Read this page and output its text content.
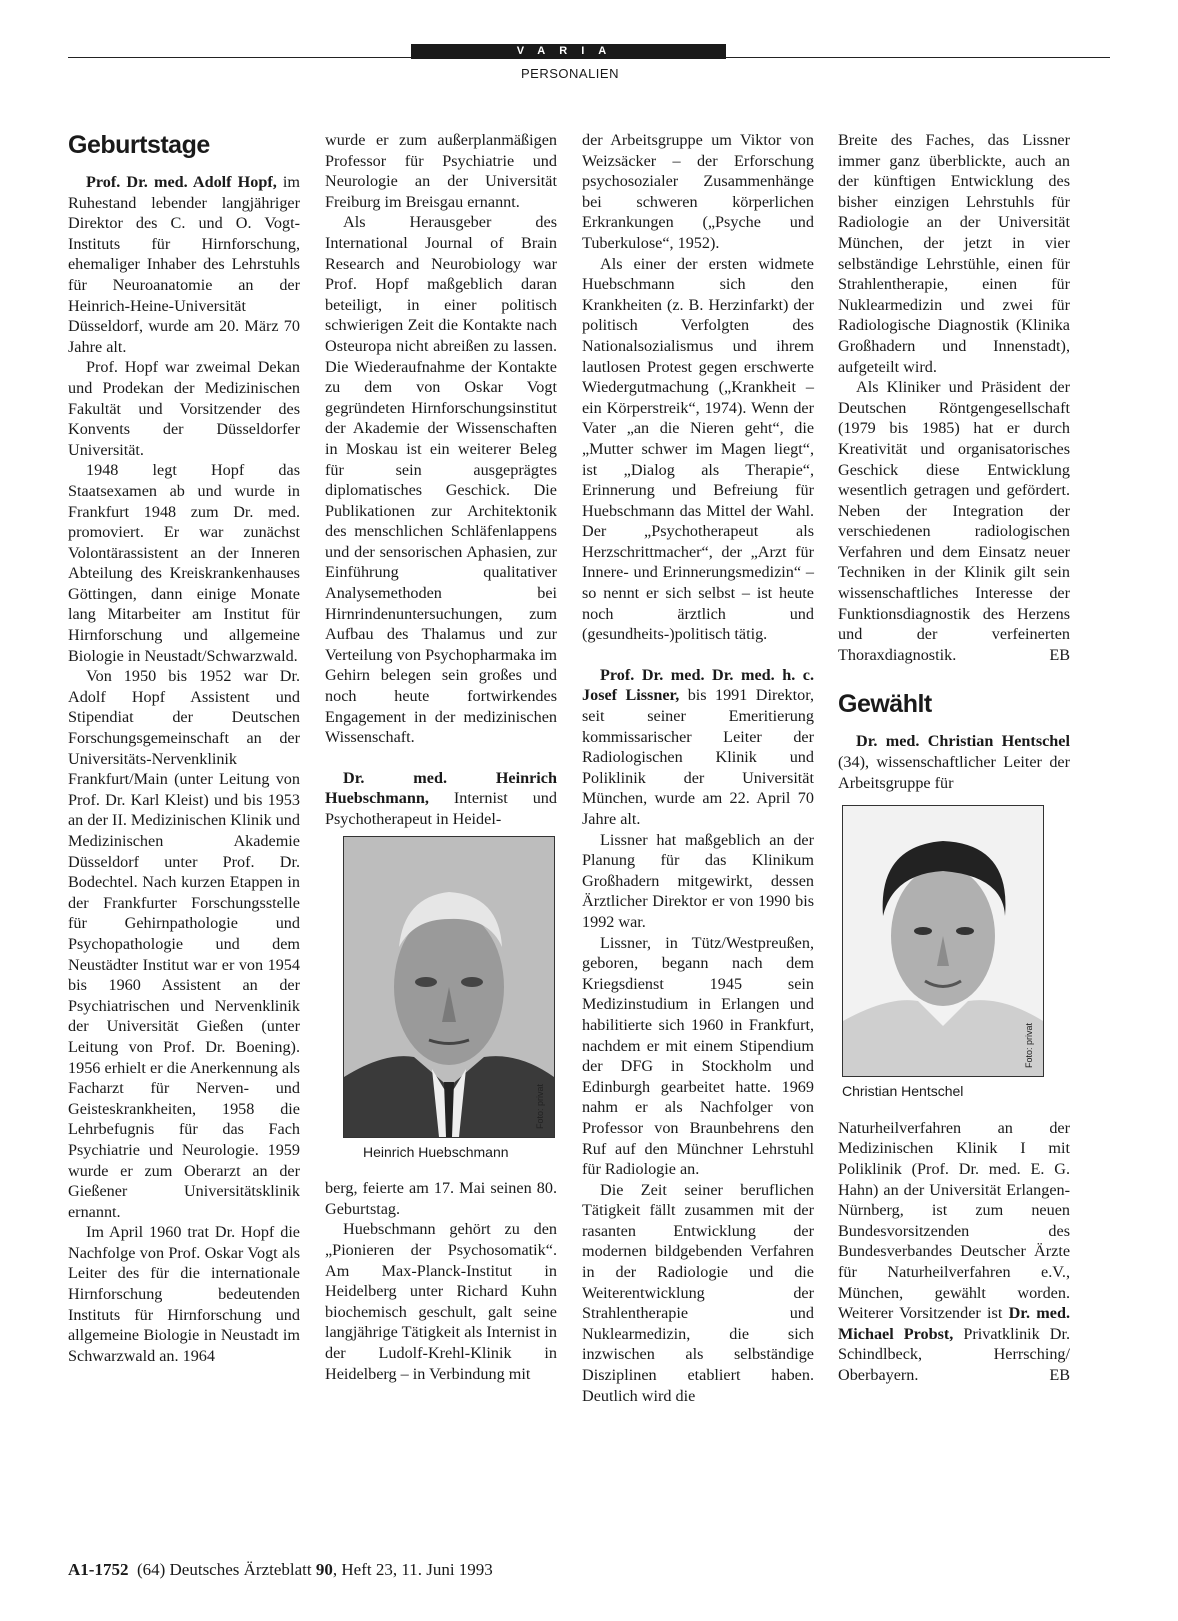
VARIA
PERSONALIEN
Geburtstage

Prof. Dr. med. Adolf Hopf, im Ruhestand lebender langjähriger Direktor des C. und O. Vogt-Instituts für Hirnforschung, ehemaliger Inhaber des Lehrstuhls für Neuroanatomie an der Heinrich-Heine-Universität Düsseldorf, wurde am 20. März 70 Jahre alt.

Prof. Hopf war zweimal Dekan und Prodekan der Medizinischen Fakultät und Vorsitzender des Konvents der Düsseldorfer Universität.

1948 legt Hopf das Staatsexamen ab und wurde in Frankfurt 1948 zum Dr. med. promoviert. Er war zunächst Volontärassistent an der Inneren Abteilung des Kreiskrankenhauses Göttingen, dann einige Monate lang Mitarbeiter am Institut für Hirnforschung und allgemeine Biologie in Neustadt/Schwarzwald.

Von 1950 bis 1952 war Dr. Adolf Hopf Assistent und Stipendiat der Deutschen Forschungsgemeinschaft an der Universitäts-Nervenklinik Frankfurt/Main (unter Leitung von Prof. Dr. Karl Kleist) und bis 1953 an der II. Medizinischen Klinik und Medizinischen Akademie Düsseldorf unter Prof. Dr. Bodechtel. Nach kurzen Etappen in der Frankfurter Forschungsstelle für Gehirnpathologie und Psychopathologie und dem Neustädter Institut war er von 1954 bis 1960 Assistent an der Psychiatrischen und Nervenklinik der Universität Gießen (unter Leitung von Prof. Dr. Boening). 1956 erhielt er die Anerkennung als Facharzt für Nerven- und Geisteskrankheiten, 1958 die Lehrbefugnis für das Fach Psychiatrie und Neurologie. 1959 wurde er zum Oberarzt an der Gießener Universitätsklinik ernannt.

Im April 1960 trat Dr. Hopf die Nachfolge von Prof. Oskar Vogt als Leiter des für die internationale Hirnforschung bedeutenden Instituts für Hirnforschung und allgemeine Biologie in Neustadt im Schwarzwald an. 1964

wurde er zum außerplanmäßigen Professor für Psychiatrie und Neurologie an der Universität Freiburg im Breisgau ernannt.

Als Herausgeber des International Journal of Brain Research and Neurobiology war Prof. Hopf maßgeblich daran beteiligt, in einer politisch schwierigen Zeit die Kontakte nach Osteuropa nicht abreißen zu lassen. Die Wiederaufnahme der Kontakte zu dem von Oskar Vogt gegründeten Hirnforschungsinstitut der Akademie der Wissenschaften in Moskau ist ein weiterer Beleg für sein ausgeprägtes diplomatisches Geschick. Die Publikationen zur Architektonik des menschlichen Schläfenlappens und der sensorischen Aphasien, zur Einführung qualitativer Analysemethoden bei Hirnrindenuntersuchungen, zum Aufbau des Thalamus und zur Verteilung von Psychopharmaka im Gehirn belegen sein großes und noch heute fortwirkendes Engagement in der medizinischen Wissenschaft.

Dr. med. Heinrich Huebschmann, Internist und Psychotherapeut in Heidel-

Foto: privat
Heinrich Huebschmann

berg, feierte am 17. Mai seinen 80. Geburtstag.

Huebschmann gehört zu den „Pionieren der Psychosomatik“. Am Max-Planck-Institut in Heidelberg unter Richard Kuhn biochemisch geschult, galt seine langjährige Tätigkeit als Internist in der Ludolf-Krehl-Klinik in Heidelberg – in Verbindung mit

der Arbeitsgruppe um Viktor von Weizsäcker – der Erforschung psychosozialer Zusammenhänge bei schweren körperlichen Erkrankungen („Psyche und Tuberkulose“, 1952).

Als einer der ersten widmete Huebschmann sich den Krankheiten (z. B. Herzinfarkt) der politisch Verfolgten des Nationalsozialismus und ihrem lautlosen Protest gegen erschwerte Wiedergutmachung („Krankheit – ein Körperstreik“, 1974). Wenn der Vater „an die Nieren geht“, die „Mutter schwer im Magen liegt“, ist „Dialog als Therapie“, Erinnerung und Befreiung für Huebschmann das Mittel der Wahl. Der „Psychotherapeut als Herzschrittmacher“, der „Arzt für Innere- und Erinnerungsmedizin“ – so nennt er sich selbst – ist heute noch ärztlich und (gesundheits-)politisch tätig.

Prof. Dr. med. Dr. med. h. c. Josef Lissner, bis 1991 Direktor, seit seiner Emeritierung kommissarischer Leiter der Radiologischen Klinik und Poliklinik der Universität München, wurde am 22. April 70 Jahre alt.

Lissner hat maßgeblich an der Planung für das Klinikum Großhadern mitgewirkt, dessen Ärztlicher Direktor er von 1990 bis 1992 war.

Lissner, in Tütz/Westpreußen, geboren, begann nach dem Kriegsdienst 1945 sein Medizinstudium in Erlangen und habilitierte sich 1960 in Frankfurt, nachdem er mit einem Stipendium der DFG in Stockholm und Edinburgh gearbeitet hatte. 1969 nahm er als Nachfolger von Professor von Braunbehrens den Ruf auf den Münchner Lehrstuhl für Radiologie an.

Die Zeit seiner beruflichen Tätigkeit fällt zusammen mit der rasanten Entwicklung der modernen bildgebenden Verfahren in der Radiologie und die Weiterentwicklung der Strahlentherapie und Nuklearmedizin, die sich inzwischen als selbständige Disziplinen etabliert haben. Deutlich wird die

Breite des Faches, das Lissner immer ganz überblickte, auch an der künftigen Entwicklung des bisher einzigen Lehrstuhls für Radiologie an der Universität München, der jetzt in vier selbständige Lehrstühle, einen für Strahlentherapie, einen für Nuklearmedizin und zwei für Radiologische Diagnostik (Klinika Großhadern und Innenstadt), aufgeteilt wird.

Als Kliniker und Präsident der Deutschen Röntgengesellschaft (1979 bis 1985) hat er durch Kreativität und organisatorisches Geschick diese Entwicklung wesentlich getragen und gefördert. Neben der Integration der verschiedenen radiologischen Verfahren und dem Einsatz neuer Techniken in der Klinik gilt sein wissenschaftliches Interesse der Funktionsdiagnostik des Herzens und der verfeinerten Thoraxdiagnostik.	EB

Gewählt

Dr. med. Christian Hentschel (34), wissenschaftlicher Leiter der Arbeitsgruppe für

Foto: privat
Christian Hentschel

Naturheilverfahren an der Medizinischen Klinik I mit Poliklinik (Prof. Dr. med. E. G. Hahn) an der Universität Erlangen-Nürnberg, ist zum neuen Bundesvorsitzenden des Bundesverbandes Deutscher Ärzte für Naturheilverfahren e.V., München, gewählt worden. Weiterer Vorsitzender ist Dr. med. Michael Probst, Privatklinik Dr. Schindlbeck, Herrsching/ Oberbayern.	EB

A1-1752 (64) Deutsches Ärzteblatt 90, Heft 23, 11. Juni 1993
